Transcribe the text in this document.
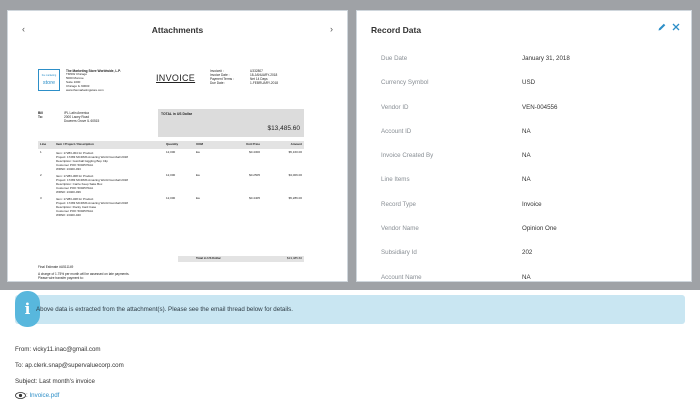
Attachments
‹	›
the marketing
store
The Marketing Store Worldwide, L.P.
TMSW Chicago
5000 Monroe
Suite 1000
Chicago IL 60603
www.themarketingstore.com
INVOICE
Invoice# :	U332807
Invoice Date :	18-JANUARY-2018
Payment Terms :	Net 14 Days
Due Date :	1-FEBRUARY-2018
Bill To:
IPL Latin America
2000 Lacey Road
Downers Grove IL 60515
TOTAL in US Dollar
$13,485.60
Line	Item / Project / Description	Quantity	UOM	Unit Price	Amount
1	Item: 17283-304 for Product
Project: 17283 MCDMS Amazing World Gumball 2018
Description: Gumball Giggling Bop Clip
Customer PO#: 5002570AA
WRN#: 13400-033	12,000	Ea	$0.4300	$5,160.00
2	Item: 17283-308 for Product
Project: 17283 MCDMS Amazing World Gumball 2018
Description: Carrie Keep Sake Box
Customer PO#: 5002570AA
WRN#: 13400-039	12,000	Ea	$0.2505	$3,006.00
3	Item: 17283-328 for Product
Project: 17283 MCDMS Amazing World Gumball 2018
Description: Rocky Card Case
Customer PO#: 5002570AA
WRN#: 13400-040	12,000	Ea	$0.4405	$5,286.00
Total in US Dollar	$13,485.60
Final Estimate #U511149
A charge of 1.75% per month will be assessed on late payments.
Please wire transfer payment to:
Record Data
Due Date	January 31, 2018
Currency Symbol	USD
Vendor ID	VEN-004556
Account ID	NA
Invoice Created By	NA
Line Items	NA
Record Type	Invoice
Vendor Name	Opinion One
Subsidiary Id	202
Account Name	NA
i Above data is extracted from the attachment(s). Please see the email thread below for details.
From: vicky11.inac@gmail.com
To: ap.clerk.snap@supervaluecorp.com
Subject: Last month's invoice
: Invoice.pdf
